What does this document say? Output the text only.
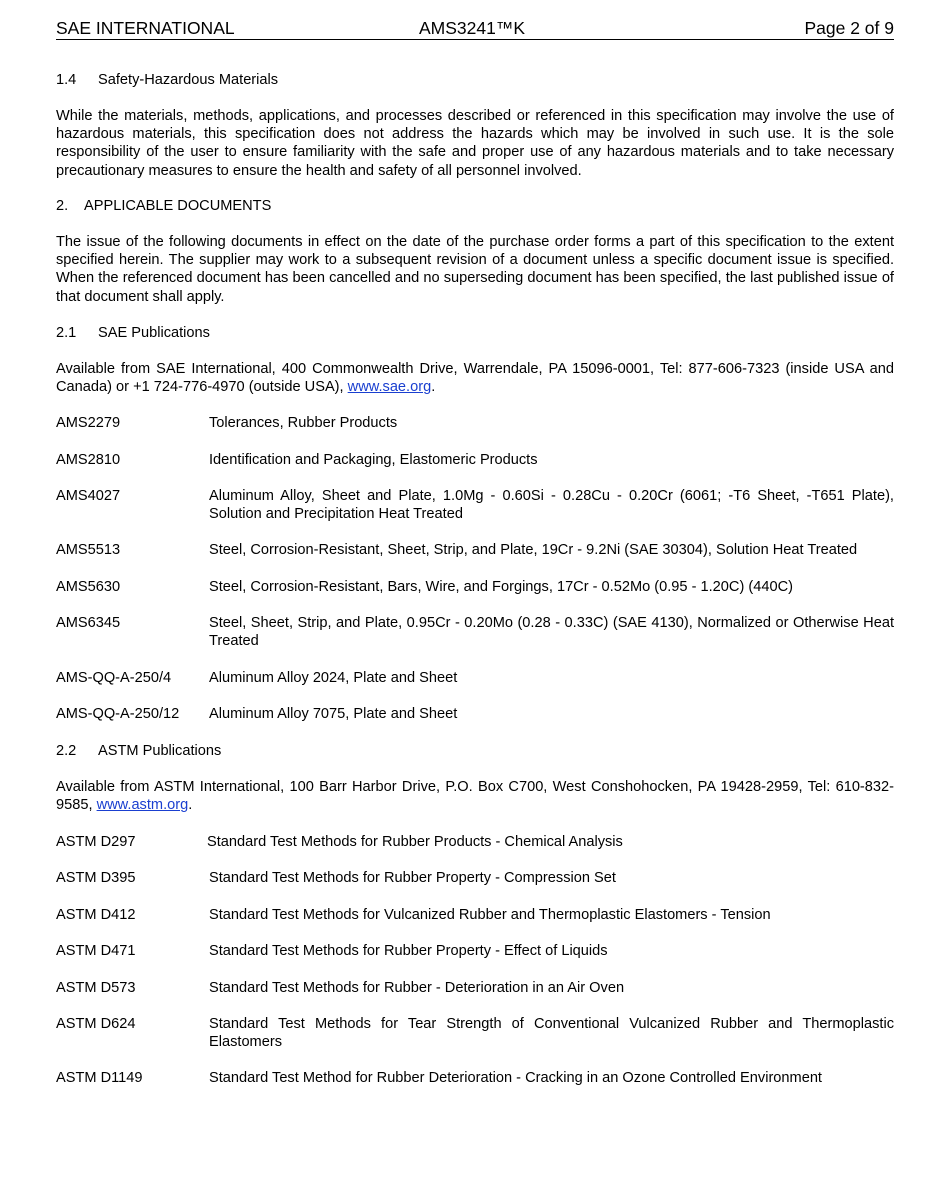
SAE INTERNATIONAL	AMS3241™K	Page 2 of 9
1.4 Safety-Hazardous Materials

While the materials, methods, applications, and processes described or referenced in this specification may involve the use of hazardous materials, this specification does not address the hazards which may be involved in such use. It is the sole responsibility of the user to ensure familiarity with the safe and proper use of any hazardous materials and to take necessary precautionary measures to ensure the health and safety of all personnel involved.

2. APPLICABLE DOCUMENTS

The issue of the following documents in effect on the date of the purchase order forms a part of this specification to the extent specified herein. The supplier may work to a subsequent revision of a document unless a specific document issue is specified. When the referenced document has been cancelled and no superseding document has been specified, the last published issue of that document shall apply.

2.1 SAE Publications

Available from SAE International, 400 Commonwealth Drive, Warrendale, PA 15096-0001, Tel: 877-606-7323 (inside USA and Canada) or +1 724-776-4970 (outside USA), www.sae.org.

AMS2279	Tolerances, Rubber Products
AMS2810	Identification and Packaging, Elastomeric Products
AMS4027	Aluminum Alloy, Sheet and Plate, 1.0Mg - 0.60Si - 0.28Cu - 0.20Cr (6061; -T6 Sheet, -T651 Plate), Solution and Precipitation Heat Treated
AMS5513	Steel, Corrosion-Resistant, Sheet, Strip, and Plate, 19Cr - 9.2Ni (SAE 30304), Solution Heat Treated
AMS5630	Steel, Corrosion-Resistant, Bars, Wire, and Forgings, 17Cr - 0.52Mo (0.95 - 1.20C) (440C)
AMS6345	Steel, Sheet, Strip, and Plate, 0.95Cr - 0.20Mo (0.28 - 0.33C) (SAE 4130), Normalized or Otherwise Heat Treated
AMS-QQ-A-250/4	Aluminum Alloy 2024, Plate and Sheet
AMS-QQ-A-250/12 Aluminum Alloy 7075, Plate and Sheet
2.2 ASTM Publications

Available from ASTM International, 100 Barr Harbor Drive, P.O. Box C700, West Conshohocken, PA 19428-2959, Tel: 610-832-9585, www.astm.org.

ASTM D297	Standard Test Methods for Rubber Products - Chemical Analysis
ASTM D395	Standard Test Methods for Rubber Property - Compression Set
ASTM D412	Standard Test Methods for Vulcanized Rubber and Thermoplastic Elastomers - Tension
ASTM D471	Standard Test Methods for Rubber Property - Effect of Liquids
ASTM D573	Standard Test Methods for Rubber - Deterioration in an Air Oven
ASTM D624	Standard Test Methods for Tear Strength of Conventional Vulcanized Rubber and Thermoplastic Elastomers
ASTM D1149	Standard Test Method for Rubber Deterioration - Cracking in an Ozone Controlled Environment
